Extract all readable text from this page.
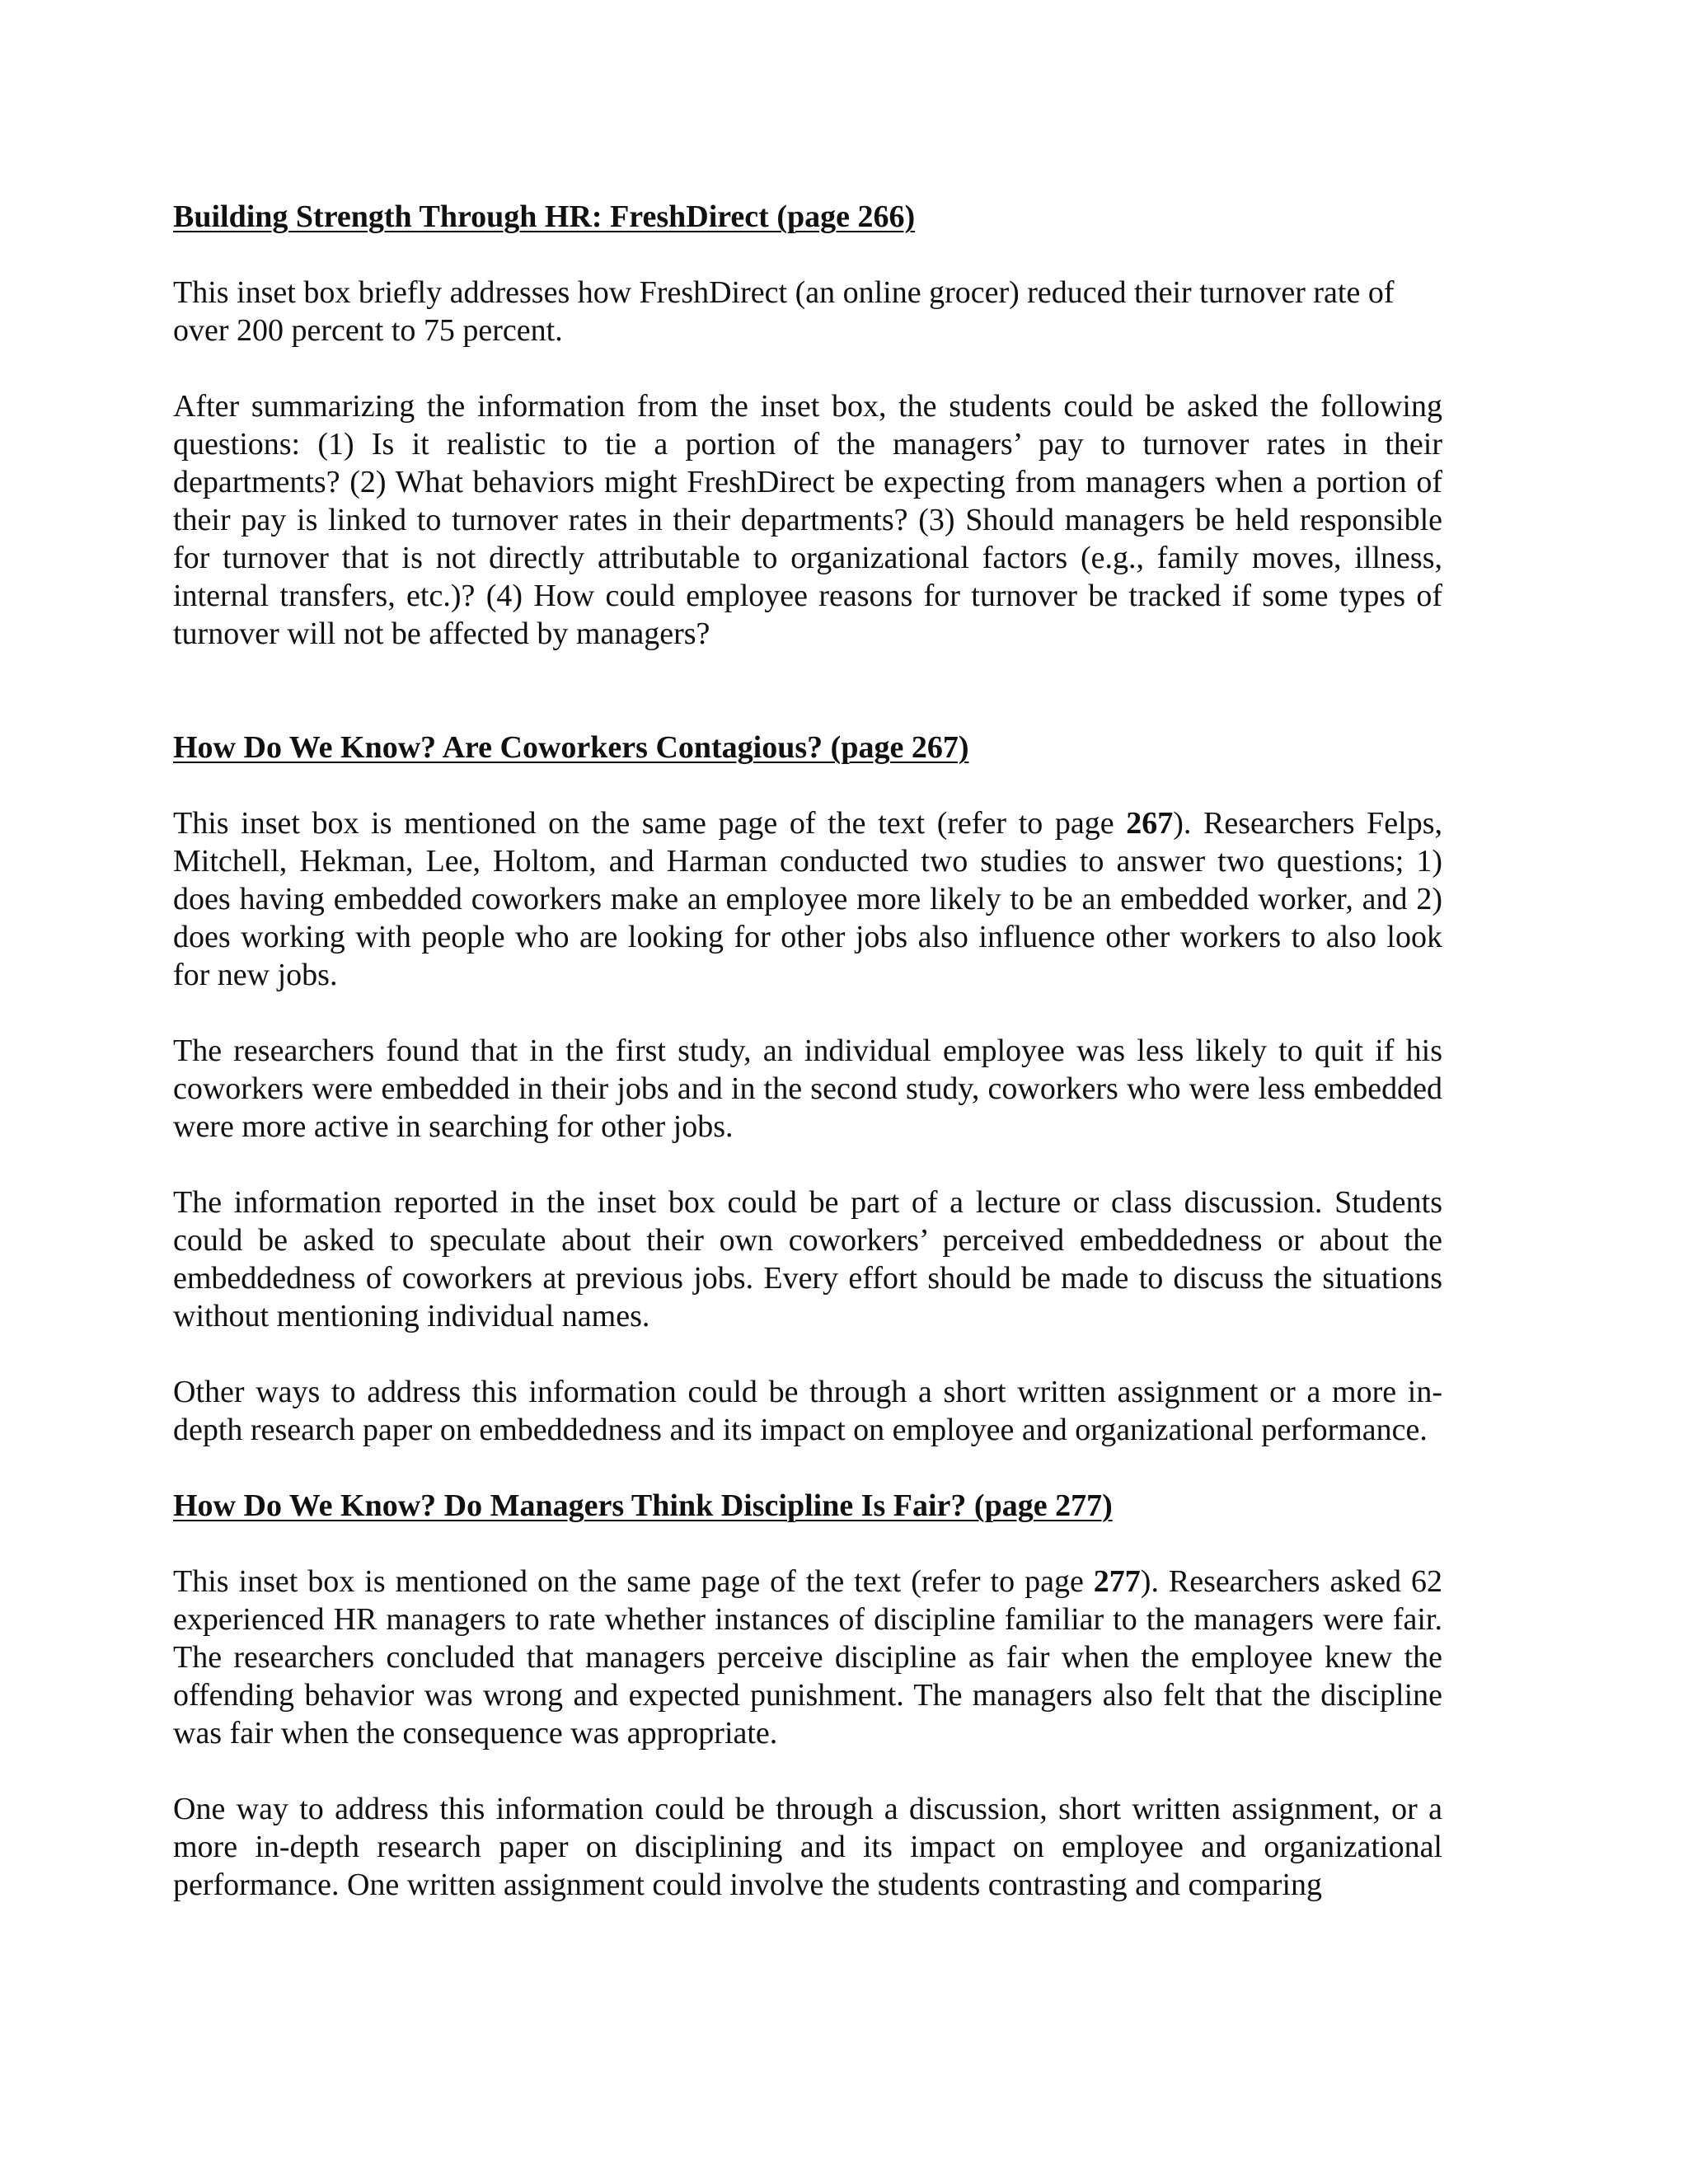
Building Strength Through HR: FreshDirect (page 266)

This inset box briefly addresses how FreshDirect (an online grocer) reduced their turnover rate of over 200 percent to 75 percent.

After summarizing the information from the inset box, the students could be asked the following questions: (1) Is it realistic to tie a portion of the managers’ pay to turnover rates in their departments? (2) What behaviors might FreshDirect be expecting from managers when a portion of their pay is linked to turnover rates in their departments? (3) Should managers be held responsible for turnover that is not directly attributable to organizational factors (e.g., family moves, illness, internal transfers, etc.)? (4) How could employee reasons for turnover be tracked if some types of turnover will not be affected by managers?

How Do We Know? Are Coworkers Contagious? (page 267)

This inset box is mentioned on the same page of the text (refer to page 267). Researchers Felps, Mitchell, Hekman, Lee, Holtom, and Harman conducted two studies to answer two questions; 1) does having embedded coworkers make an employee more likely to be an embedded worker, and 2) does working with people who are looking for other jobs also influence other workers to also look for new jobs.

The researchers found that in the first study, an individual employee was less likely to quit if his coworkers were embedded in their jobs and in the second study, coworkers who were less embedded were more active in searching for other jobs.

The information reported in the inset box could be part of a lecture or class discussion. Students could be asked to speculate about their own coworkers’ perceived embeddedness or about the embeddedness of coworkers at previous jobs. Every effort should be made to discuss the situations without mentioning individual names.

Other ways to address this information could be through a short written assignment or a more in-depth research paper on embeddedness and its impact on employee and organizational performance.

How Do We Know? Do Managers Think Discipline Is Fair? (page 277)

This inset box is mentioned on the same page of the text (refer to page 277). Researchers asked 62 experienced HR managers to rate whether instances of discipline familiar to the managers were fair. The researchers concluded that managers perceive discipline as fair when the employee knew the offending behavior was wrong and expected punishment. The managers also felt that the discipline was fair when the consequence was appropriate.

One way to address this information could be through a discussion, short written assignment, or a more in-depth research paper on disciplining and its impact on employee and organizational performance. One written assignment could involve the students contrasting and comparing
